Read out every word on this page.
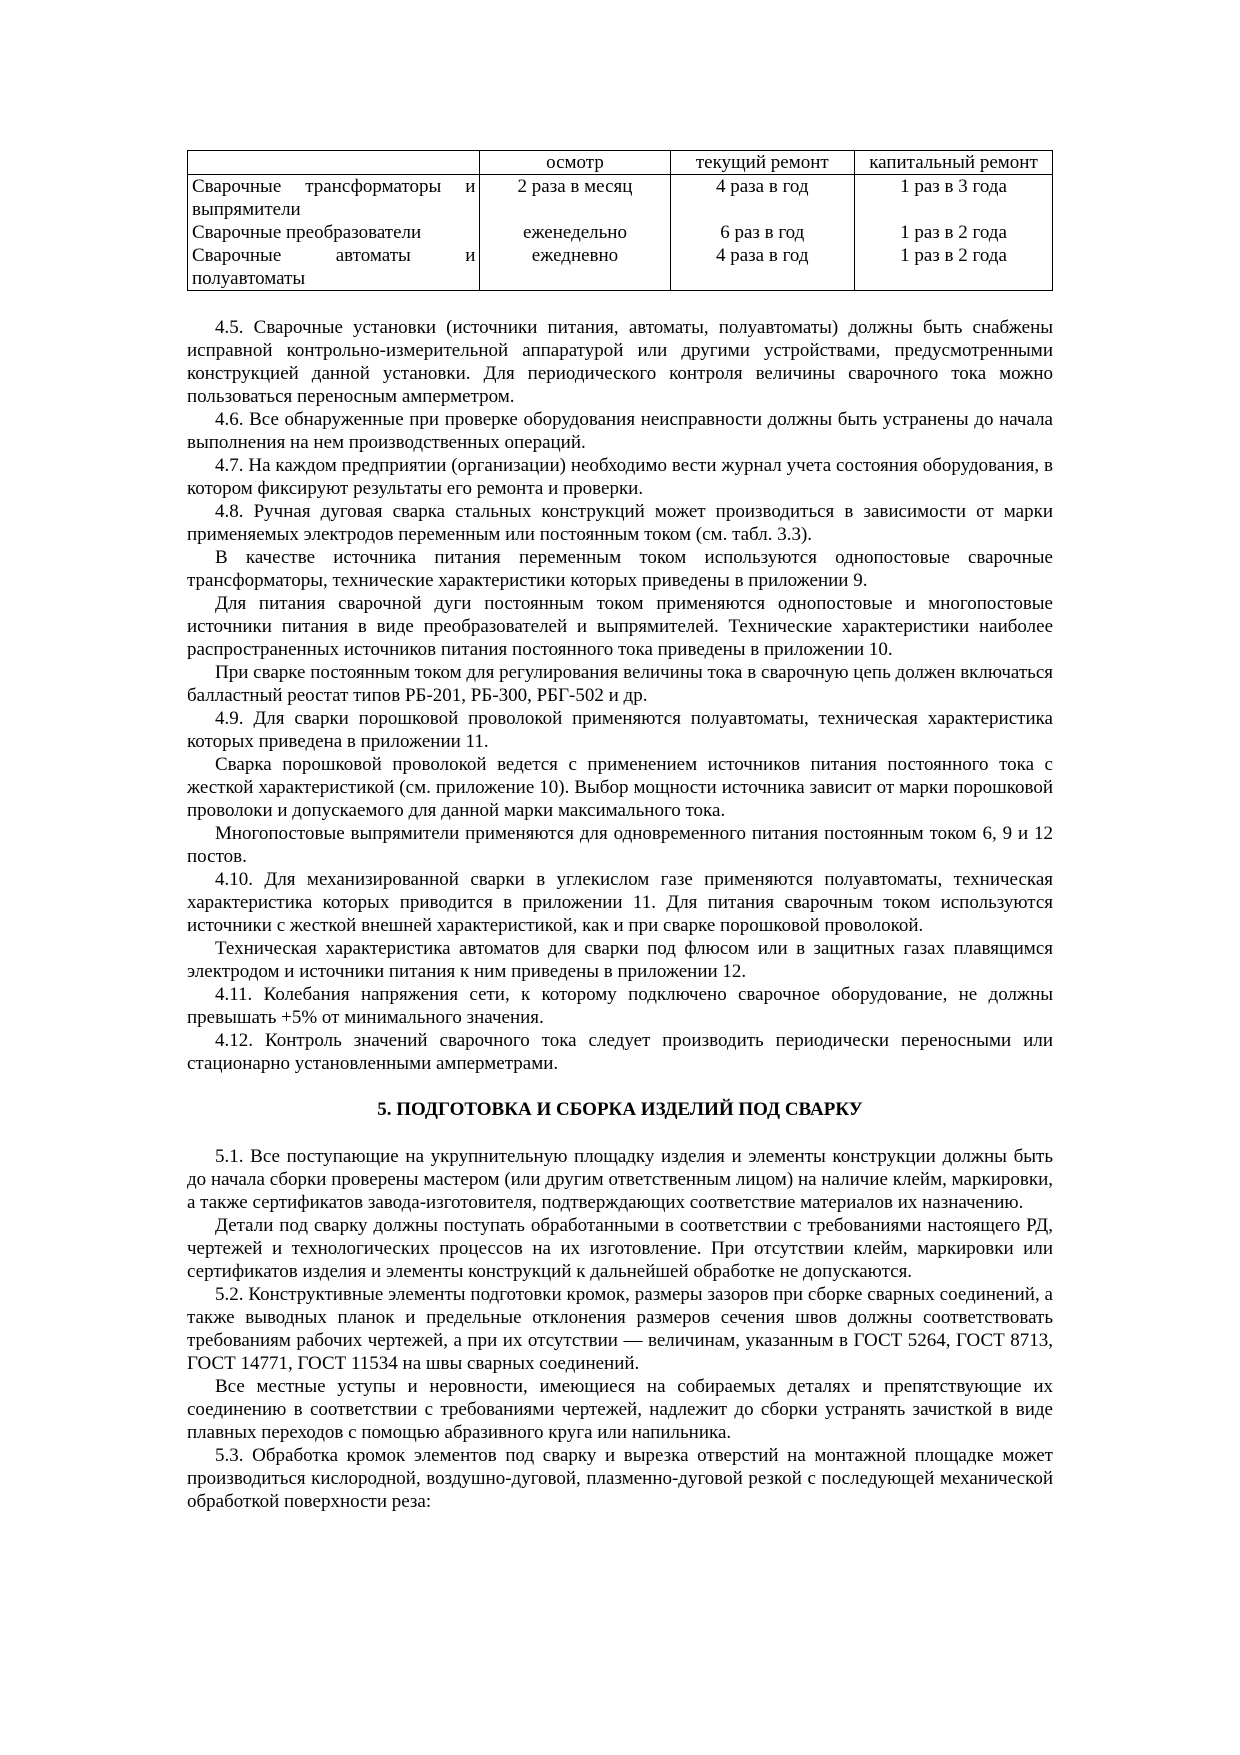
	осмотр	текущий ремонт	капитальный ремонт
Сварочные трансформаторы и выпрямители	2 раза в месяц	4 раза в год	1 раз в 3 года
Сварочные преобразователи	еженедельно	6 раз в год	1 раз в 2 года
Сварочные автоматы и полуавтоматы	ежедневно	4 раза в год	1 раз в 2 года

4.5. Сварочные установки (источники питания, автоматы, полуавтоматы) должны быть снабжены исправной контрольно-измерительной аппаратурой или другими устройствами, предусмотренными конструкцией данной установки. Для периодического контроля величины сварочного тока можно пользоваться переносным амперметром.

4.6. Все обнаруженные при проверке оборудования неисправности должны быть устранены до начала выполнения на нем производственных операций.

4.7. На каждом предприятии (организации) необходимо вести журнал учета состояния оборудования, в котором фиксируют результаты его ремонта и проверки.

4.8. Ручная дуговая сварка стальных конструкций может производиться в зависимости от марки применяемых электродов переменным или постоянным током (см. табл. 3.3).

В качестве источника питания переменным током используются однопостовые сварочные трансформаторы, технические характеристики которых приведены в приложении 9.

Для питания сварочной дуги постоянным током применяются однопостовые и многопостовые источники питания в виде преобразователей и выпрямителей. Технические характеристики наиболее распространенных источников питания постоянного тока приведены в приложении 10.

При сварке постоянным током для регулирования величины тока в сварочную цепь должен включаться балластный реостат типов РБ-201, РБ-300, РБГ-502 и др.

4.9. Для сварки порошковой проволокой применяются полуавтоматы, техническая характеристика которых приведена в приложении 11.

Сварка порошковой проволокой ведется с применением источников питания постоянного тока с жесткой характеристикой (см. приложение 10). Выбор мощности источника зависит от марки порошковой проволоки и допускаемого для данной марки максимального тока.

Многопостовые выпрямители применяются для одновременного питания постоянным током 6, 9 и 12 постов.

4.10. Для механизированной сварки в углекислом газе применяются полуавтоматы, техническая характеристика которых приводится в приложении 11. Для питания сварочным током используются источники с жесткой внешней характеристикой, как и при сварке порошковой проволокой.

Техническая характеристика автоматов для сварки под флюсом или в защитных газах плавящимся электродом и источники питания к ним приведены в приложении 12.

4.11. Колебания напряжения сети, к которому подключено сварочное оборудование, не должны превышать +5% от минимального значения.

4.12. Контроль значений сварочного тока следует производить периодически переносными или стационарно установленными амперметрами.

5. ПОДГОТОВКА И СБОРКА ИЗДЕЛИЙ ПОД СВАРКУ

5.1. Все поступающие на укрупнительную площадку изделия и элементы конструкции должны быть до начала сборки проверены мастером (или другим ответственным лицом) на наличие клейм, маркировки, а также сертификатов завода-изготовителя, подтверждающих соответствие материалов их назначению.

Детали под сварку должны поступать обработанными в соответствии с требованиями настоящего РД, чертежей и технологических процессов на их изготовление. При отсутствии клейм, маркировки или сертификатов изделия и элементы конструкций к дальнейшей обработке не допускаются.

5.2. Конструктивные элементы подготовки кромок, размеры зазоров при сборке сварных соединений, а также выводных планок и предельные отклонения размеров сечения швов должны соответствовать требованиям рабочих чертежей, а при их отсутствии — величинам, указанным в ГОСТ 5264, ГОСТ 8713, ГОСТ 14771, ГОСТ 11534 на швы сварных соединений.

Все местные уступы и неровности, имеющиеся на собираемых деталях и препятствующие их соединению в соответствии с требованиями чертежей, надлежит до сборки устранять зачисткой в виде плавных переходов с помощью абразивного круга или напильника.

5.3. Обработка кромок элементов под сварку и вырезка отверстий на монтажной площадке может производиться кислородной, воздушно-дуговой, плазменно-дуговой резкой с последующей механической обработкой поверхности реза:
